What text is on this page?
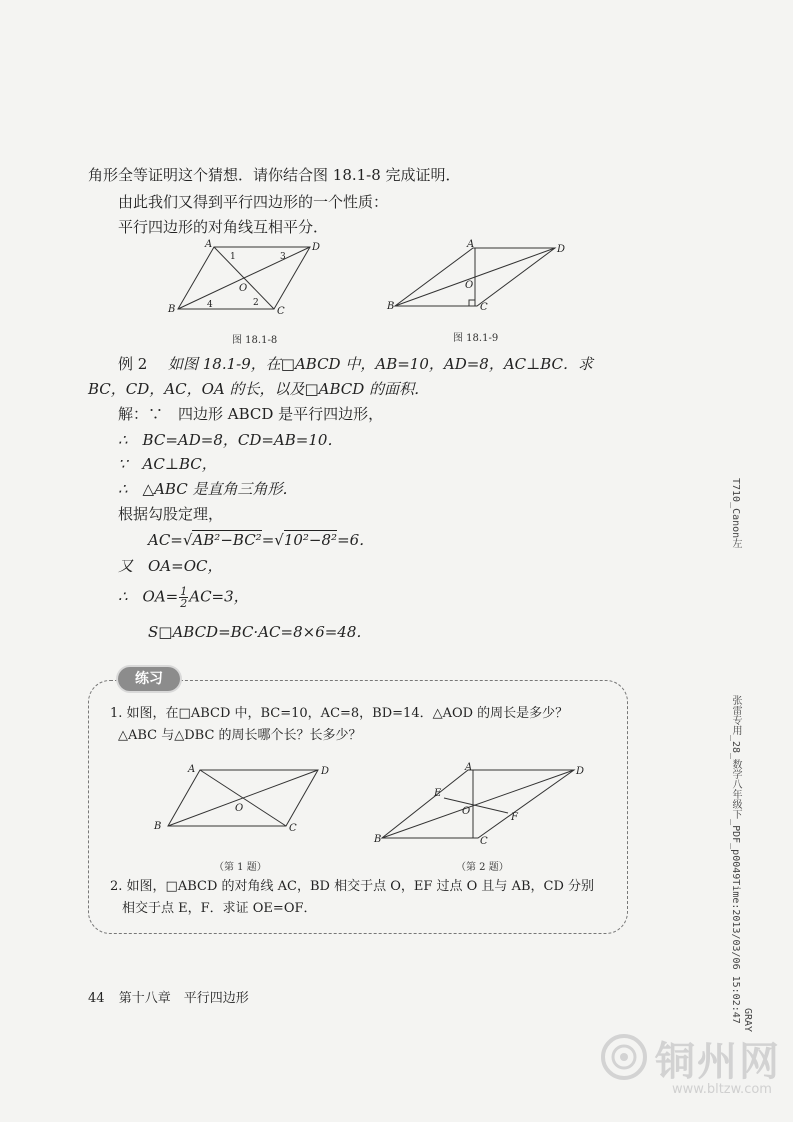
角形全等证明这个猜想．请你结合图 18.1-8 完成证明．
由此我们又得到平行四边形的一个性质：
平行四边形的对角线互相平分．
A	D
B	C
O
1	3
4	2
图 18.1-8
A	D
B	C
O
图 18.1-9
例 2 如图 18.1-9，在□ABCD 中，AB=10，AD=8，AC⊥BC．求
BC，CD，AC，OA 的长，以及□ABCD 的面积．
解：∵　四边形 ABCD 是平行四边形，
∴　BC=AD=8，CD=AB=10．
∵　AC⊥BC，
∴　△ABC 是直角三角形．
根据勾股定理，
AC=√AB²−BC²=√10²−8²=6．
又　OA=OC，
∴　$OA= \frac{1}{2} AC=3$，
S□ABCD=BC·AC=8×6=48．
练习
1. 如图，在□ABCD 中，BC=10，AC=8，BD=14．△AOD 的周长是多少？
△ABC 与△DBC 的周长哪个长？长多少？
A	D
B	C
O
（第 1 题）
A	D
B	C
O
E
F
（第 2 题）
2. 如图，□ABCD 的对角线 AC，BD 相交于点 O，EF 过点 O 且与 AB，CD 分别
相交于点 E，F．求证 OE=OF．
44 第十八章　平行四边形
T710_Canon左
张雷专用_28_数学八年级下_PDF_p0049Time:2013/03/06 15:02:47 GRAY
铜州网
www.bltzw.com
